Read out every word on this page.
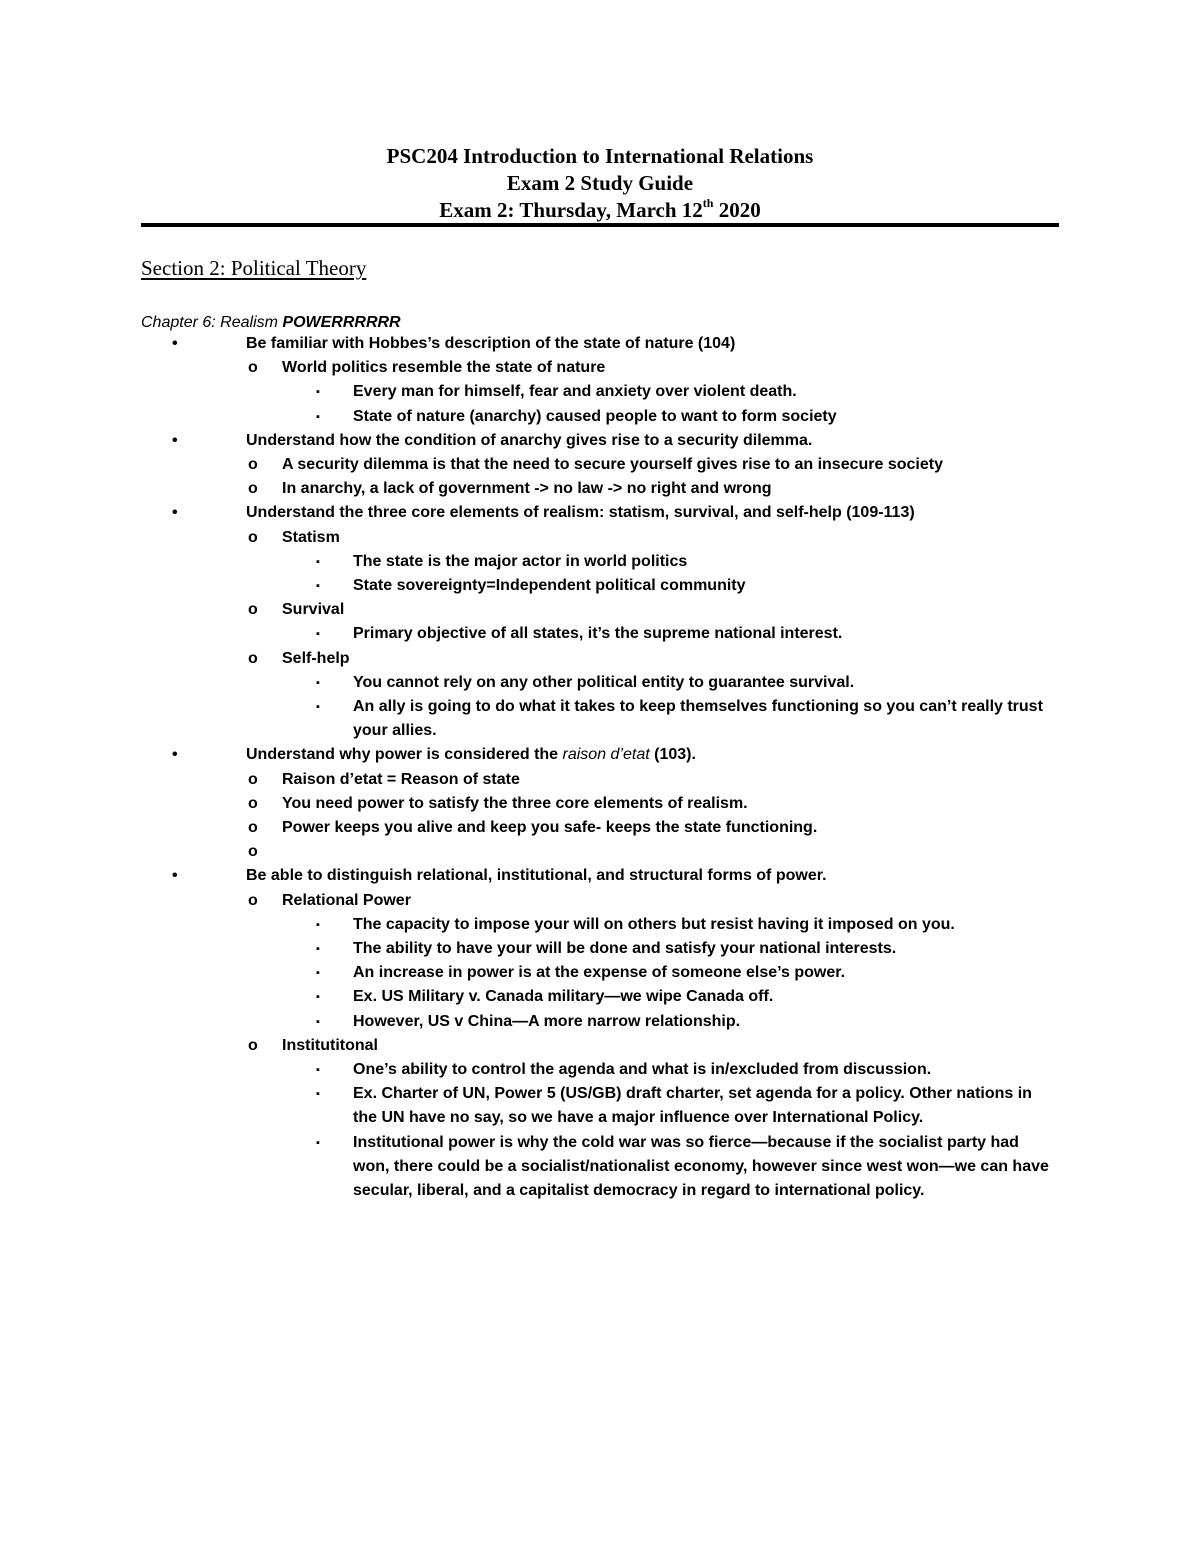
PSC204 Introduction to International Relations
Exam 2 Study Guide
Exam 2: Thursday, March 12th 2020
Section 2: Political Theory
Chapter 6: Realism POWERRRRRR
•	Be familiar with Hobbes’s description of the state of nature (104)
o World politics resemble the state of nature
▪ Every man for himself, fear and anxiety over violent death.
▪ State of nature (anarchy) caused people to want to form society
•	Understand how the condition of anarchy gives rise to a security dilemma.
o A security dilemma is that the need to secure yourself gives rise to an insecure society
o In anarchy, a lack of government -> no law -> no right and wrong
•	Understand the three core elements of realism: statism, survival, and self-help (109-113)
o Statism
▪ The state is the major actor in world politics
▪ State sovereignty=Independent political community
o Survival
▪ Primary objective of all states, it’s the supreme national interest.
o Self-help
▪ You cannot rely on any other political entity to guarantee survival.
▪ An ally is going to do what it takes to keep themselves functioning so you can’t really trust your allies.
•	Understand why power is considered the raison d’etat (103).
o Raison d’etat = Reason of state
o You need power to satisfy the three core elements of realism.
o Power keeps you alive and keep you safe- keeps the state functioning.
o
•	Be able to distinguish relational, institutional, and structural forms of power.
o Relational Power
▪ The capacity to impose your will on others but resist having it imposed on you.
▪ The ability to have your will be done and satisfy your national interests.
▪ An increase in power is at the expense of someone else’s power.
▪ Ex. US Military v. Canada military—we wipe Canada off.
▪ However, US v China—A more narrow relationship.
o Institutitonal
▪ One’s ability to control the agenda and what is in/excluded from discussion.
▪ Ex. Charter of UN, Power 5 (US/GB) draft charter, set agenda for a policy. Other nations in the UN have no say, so we have a major influence over International Policy.
▪ Institutional power is why the cold war was so fierce—because if the socialist party had won, there could be a socialist/nationalist economy, however since west won—we can have secular, liberal, and a capitalist democracy in regard to international policy.
